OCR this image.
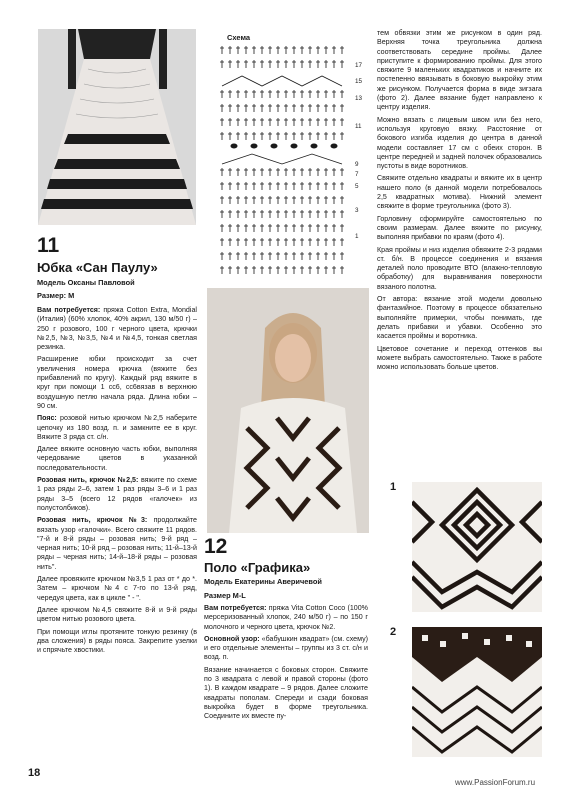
11
Юбка «Сан Паулу»
Модель Оксаны Павловой
Размер: М

Вам потребуется: пряжа Cotton Extra, Mondial (Италия) (60% хлопок, 40% акрил, 130 м/50 г) – 250 г розового, 100 г черного цвета, крючки №2,5, №3, №3,5, №4 и №4,5, тонкая светлая резинка.

Расширение юбки происходит за счет увеличения номера крючка (вяжите без прибавлений по кругу). Каждый ряд вяжите в круг при помощи 1 сс6, сс6вязав в верхнюю воздушную петлю начала ряда. Длина юбки – 90 см.

Пояс: розовой нитью крючком №2,5 наберите цепочку из 180 возд. п. и замкните ее в круг. Вяжите 3 ряда ст. с/н.

Далее вяжите основную часть юбки, выполняя чередование цветов в указанной последовательности.

Розовая нить, крючок №2,5: вяжите по схеме 1 раз ряды 2–6, затем 1 раз ряды 3–6 и 1 раз ряды 3–5 (всего 12 рядов «галочек» из полустолбиков).

Розовая нить, крючок №3: продолжайте вязать узор «галочки». Всего свяжите 11 рядов. "7-й и 8-й ряды – розовая нить; 9-й ряд – черная нить; 10-й ряд – розовая нить; 11-й–13-й ряды – черная нить; 14-й–18-й ряды – розовая нить".

Далее провяжите крючком №3,5 1 раз от * до *. Затем – крючком №4 с 7-го по 13-й ряд, чередуя цвета, как в цикле " - ".

Далее крючком №4,5 свяжите 8-й и 9-й ряды цветом нитью розового цвета.

При помощи иглы протяните тонкую резинку (в два сложения) в ряды пояса. Закрепите узелки и спрячьте хвостики.

18
Схема
17
15
13
11
9
7
5
3
1
12
Поло «Графика»
Модель Екатерины Аверичевой
Размер М-L

Вам потребуется: пряжа Vita Cotton Coco (100% мерсеризованный хлопок, 240 м/50 г) – по 150 г молочного и черного цвета, крючок №2.

Основной узор: «бабушкин квадрат» (см. схему) и его отдельные элементы – группы из 3 ст. с/н и возд. п.

Вязание начинается с боковых сторон. Свяжите по 3 квадрата с левой и правой стороны (фото 1). В каждом квадрате – 9 рядов. Далее сложите квадраты пополам. Спереди и сзади боковая выкройка будет в форме треугольника. Соедините их вместе пу-

тем обвязки этим же рисунком в один ряд. Верхняя точка треугольника должна соответствовать середине проймы. Далее приступите к формированию проймы. Для этого свяжите 9 маленьких квадратиков и начните их постепенно ввязывать в боковую выкройку этим же рисунком. Получается форма в виде зигзага (фото 2). Далее вязание будет направлено к центру изделия.

Можно вязать с лицевым швом или без него, используя круговую вязку. Расстояние от бокового изгиба изделия до центра в данной модели составляет 17 см с обеих сторон. В центре передней и задней полочек образовались пустоты в виде воротников.

Свяжите отдельно квадраты и вяжите их в центр нашего поло (в данной модели потребовалось 2,5 квадратных мотива). Нижний элемент свяжите в форме треугольника (фото 3).

Горловину сформируйте самостоятельно по своим размерам. Далее вяжите по рисунку, выполняя прибавки по краям (фото 4).

Края проймы и низ изделия обвяжите 2-3 рядами ст. б/н. В процессе соединения и вязания деталей поло проводите ВТО (влажно-тепловую обработку) для выравнивания поверхности вязаного полотна.

От автора: вязание этой модели довольно фантазийное. Поэтому в процессе обязательно выполняйте примерки, чтобы понимать, где делать прибавки и убавки. Особенно это касается проймы и воротника.

Цветовое сочетание и переход оттенков вы можете выбрать самостоятельно. Также в работе можно использовать больше цветов.

1
2
www.PassionForum.ru
